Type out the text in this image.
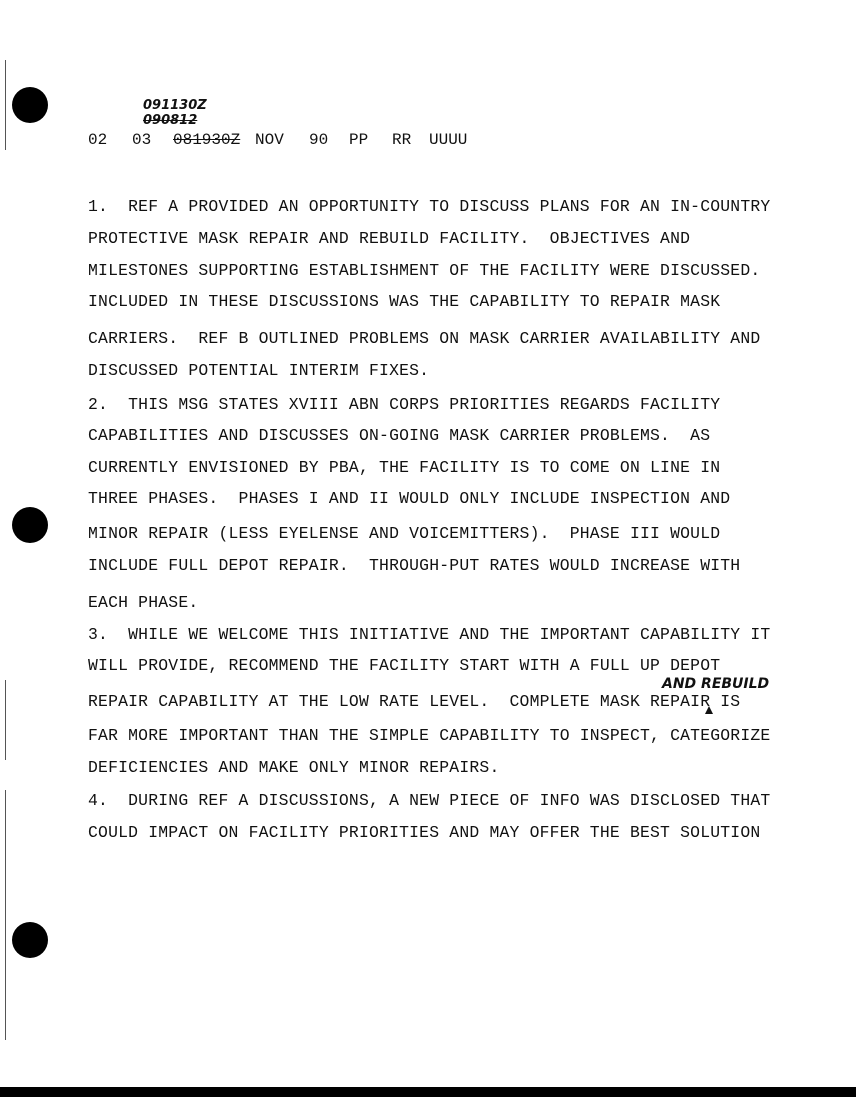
091130Z
090812
02 03 081930Z NOV 90 PP RR UUUU
1.  REF A PROVIDED AN OPPORTUNITY TO DISCUSS PLANS FOR AN IN-COUNTRY
PROTECTIVE MASK REPAIR AND REBUILD FACILITY.  OBJECTIVES AND
MILESTONES SUPPORTING ESTABLISHMENT OF THE FACILITY WERE DISCUSSED.
INCLUDED IN THESE DISCUSSIONS WAS THE CAPABILITY TO REPAIR MASK
CARRIERS.  REF B OUTLINED PROBLEMS ON MASK CARRIER AVAILABILITY AND
DISCUSSED POTENTIAL INTERIM FIXES.
2.  THIS MSG STATES XVIII ABN CORPS PRIORITIES REGARDS FACILITY
CAPABILITIES AND DISCUSSES ON-GOING MASK CARRIER PROBLEMS.  AS
CURRENTLY ENVISIONED BY PBA, THE FACILITY IS TO COME ON LINE IN
THREE PHASES.  PHASES I AND II WOULD ONLY INCLUDE INSPECTION AND
MINOR REPAIR (LESS EYELENSE AND VOICEMITTERS).  PHASE III WOULD
INCLUDE FULL DEPOT REPAIR.  THROUGH-PUT RATES WOULD INCREASE WITH
EACH PHASE.
3.  WHILE WE WELCOME THIS INITIATIVE AND THE IMPORTANT CAPABILITY IT
WILL PROVIDE, RECOMMEND THE FACILITY START WITH A FULL UP DEPOT
REPAIR CAPABILITY AT THE LOW RATE LEVEL.  COMPLETE MASK REPAIR IS
FAR MORE IMPORTANT THAN THE SIMPLE CAPABILITY TO INSPECT, CATEGORIZE
DEFICIENCIES AND MAKE ONLY MINOR REPAIRS.
4.  DURING REF A DISCUSSIONS, A NEW PIECE OF INFO WAS DISCLOSED THAT
COULD IMPACT ON FACILITY PRIORITIES AND MAY OFFER THE BEST SOLUTION
AND REBUILD
